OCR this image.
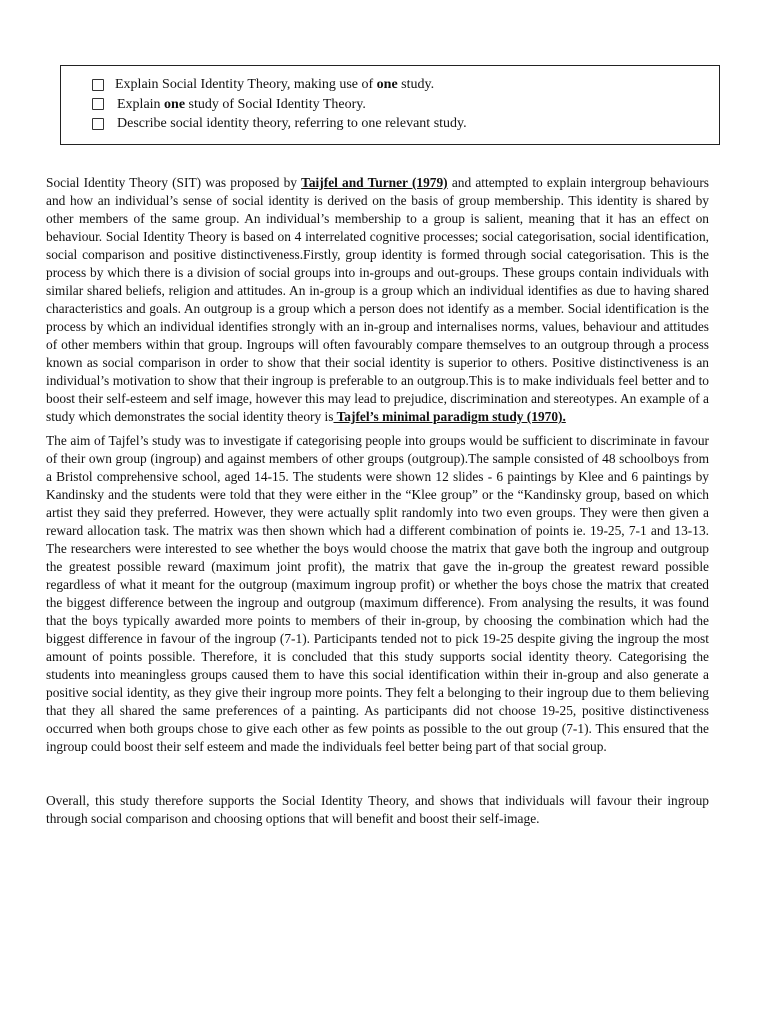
Explain Social Identity Theory, making use of one study.
Explain one study of Social Identity Theory.
Describe social identity theory, referring to one relevant study.

Social Identity Theory (SIT) was proposed by Taijfel and Turner (1979) and attempted to explain intergroup behaviours and how an individual’s sense of social identity is derived on the basis of group membership. This identity is shared by other members of the same group. An individual’s membership to a group is salient, meaning that it has an effect on behaviour. Social Identity Theory is based on 4 interrelated cognitive processes; social categorisation, social identification, social comparison and positive distinctiveness.Firstly, group identity is formed through social categorisation. This is the process by which there is a division of social groups into in-groups and out-groups. These groups contain individuals with similar shared beliefs, religion and attitudes. An in-group is a group which an individual identifies as due to having shared characteristics and goals. An outgroup is a group which a person does not identify as a member. Social identification is the process by which an individual identifies strongly with an in-group and internalises norms, values, behaviour and attitudes of other members within that group. Ingroups will often favourably compare themselves to an outgroup through a process known as social comparison in order to show that their social identity is superior to others. Positive distinctiveness is an individual’s motivation to show that their ingroup is preferable to an outgroup.This is to make individuals feel better and to boost their self-esteem and self image, however this may lead to prejudice, discrimination and stereotypes. An example of a study which demonstrates the social identity theory is Tajfel’s minimal paradigm study (1970).

The aim of Tajfel’s study was to investigate if categorising people into groups would be sufficient to discriminate in favour of their own group (ingroup) and against members of other groups (outgroup).The sample consisted of 48 schoolboys from a Bristol comprehensive school, aged 14-15. The students were shown 12 slides - 6 paintings by Klee and 6 paintings by Kandinsky and the students were told that they were either in the “Klee group” or the “Kandinsky group, based on which artist they said they preferred. However, they were actually split randomly into two even groups. They were then given a reward allocation task. The matrix was then shown which had a different combination of points ie. 19-25, 7-1 and 13-13. The researchers were interested to see whether the boys would choose the matrix that gave both the ingroup and outgroup the greatest possible reward (maximum joint profit), the matrix that gave the in-group the greatest reward possible regardless of what it meant for the outgroup (maximum ingroup profit) or whether the boys chose the matrix that created the biggest difference between the ingroup and outgroup (maximum difference). From analysing the results, it was found that the boys typically awarded more points to members of their in-group, by choosing the combination which had the biggest difference in favour of the ingroup (7-1). Participants tended not to pick 19-25 despite giving the ingroup the most amount of points possible. Therefore, it is concluded that this study supports social identity theory. Categorising the students into meaningless groups caused them to have this social identification within their in-group and also generate a positive social identity, as they give their ingroup more points. They felt a belonging to their ingroup due to them believing that they all shared the same preferences of a painting. As participants did not choose 19-25, positive distinctiveness occurred when both groups chose to give each other as few points as possible to the out group (7-1). This ensured that the ingroup could boost their self esteem and made the individuals feel better being part of that social group.

Overall, this study therefore supports the Social Identity Theory, and shows that individuals will favour their ingroup through social comparison and choosing options that will benefit and boost their self-image.
